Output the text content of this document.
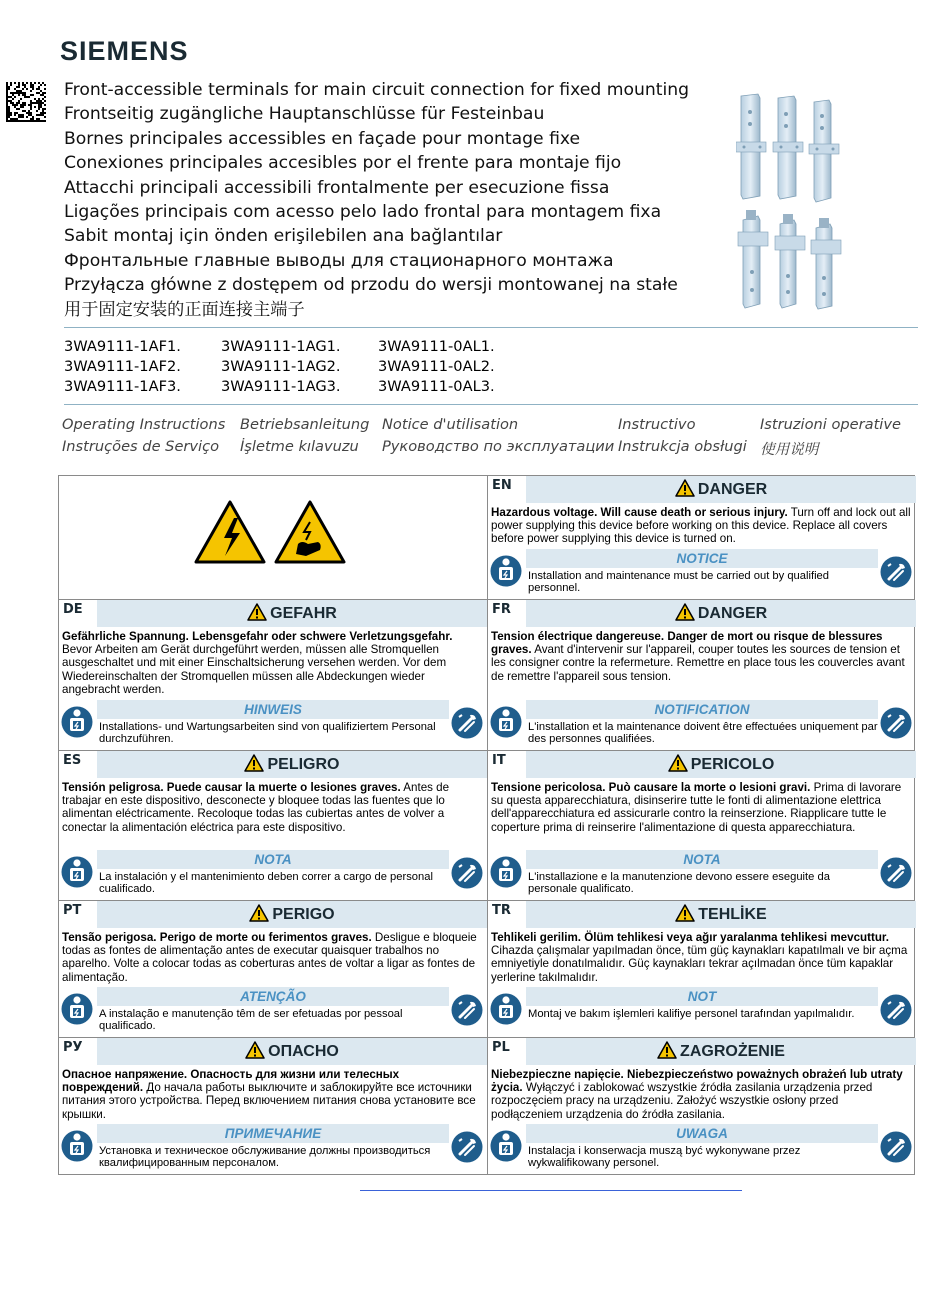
SIEMENS
Front-accessible terminals for main circuit connection for fixed mounting
Frontseitig zugängliche Hauptanschlüsse für Festeinbau
Bornes principales accessibles en façade pour montage fixe
Conexiones principales accesibles por el frente para montaje fijo
Attacchi principali accessibili frontalmente per esecuzione fissa
Ligações principais com acesso pelo lado frontal para montagem fixa
Sabit montaj için önden erişilebilen ana bağlantılar
Фронтальные главные выводы для стационарного монтажа
Przyłącza główne z dostępem od przodu do wersji montowanej na stałe
用于固定安装的正面连接主端子
3WA9111-1AF1.	3WA9111-1AG1.	3WA9111-0AL1.
3WA9111-1AF2.	3WA9111-1AG2.	3WA9111-0AL2.
3WA9111-1AF3.	3WA9111-1AG3.	3WA9111-0AL3.
Operating Instructions Betriebsanleitung Notice d'utilisation	Instructivo	Istruzioni operative
Instruções de Serviço İşletme kılavuzu Руководство по эксплуатации Instrukcja obsługi 使用说明
EN	DANGER
Hazardous voltage. Will cause death or serious injury. Turn off and lock out all power supplying this device before working on this device. Replace all covers before power supplying this device is turned on.
NOTICE
Installation and maintenance must be carried out by qualified personnel.
DE	GEFAHR
Gefährliche Spannung. Lebensgefahr oder schwere Verletzungsgefahr. Bevor Arbeiten am Gerät durchgeführt werden, müssen alle Stromquellen ausgeschaltet und mit einer Einschaltsicherung versehen werden. Vor dem Wiedereinschalten der Stromquellen müssen alle Abdeckungen wieder angebracht werden.
HINWEIS
Installations- und Wartungsarbeiten sind von qualifiziertem Personal durchzuführen.
FR	DANGER
Tension électrique dangereuse. Danger de mort ou risque de blessures graves. Avant d'intervenir sur l'appareil, couper toutes les sources de tension et les consigner contre la refermeture. Remettre en place tous les couvercles avant de remettre l'appareil sous tension.
NOTIFICATION
L'installation et la maintenance doivent être effectuées uniquement par des personnes qualifiées.
ES	PELIGRO
Tensión peligrosa. Puede causar la muerte o lesiones graves. Antes de trabajar en este dispositivo, desconecte y bloquee todas las fuentes que lo alimentan eléctricamente. Recoloque todas las cubiertas antes de volver a conectar la alimentación eléctrica para este dispositivo.
NOTA
La instalación y el mantenimiento deben correr a cargo de personal cualificado.
IT	PERICOLO
Tensione pericolosa. Può causare la morte o lesioni gravi. Prima di lavorare su questa apparecchiatura, disinserire tutte le fonti di alimentazione elettrica dell'apparecchiatura ed assicurarle contro la reinserzione. Riapplicare tutte le coperture prima di reinserire l'alimentazione di questa apparecchiatura.
NOTA
L'installazione e la manutenzione devono essere eseguite da personale qualificato.
PT	PERIGO
Tensão perigosa. Perigo de morte ou ferimentos graves. Desligue e bloqueie todas as fontes de alimentação antes de executar quaisquer trabalhos no aparelho. Volte a colocar todas as coberturas antes de voltar a ligar as fontes de alimentação.
ATENÇÃO
A instalação e manutenção têm de ser efetuadas por pessoal qualificado.
TR	TEHLİKE
Tehlikeli gerilim. Ölüm tehlikesi veya ağır yaralanma tehlikesi mevcuttur. Cihazda çalışmalar yapılmadan önce, tüm güç kaynakları kapatılmalı ve bir açma emniyetiyle donatılmalıdır. Güç kaynakları tekrar açılmadan önce tüm kapaklar yerlerine takılmalıdır.
NOT
Montaj ve bakım işlemleri kalifiye personel tarafından yapılmalıdır.
РУ	ОПАСНО
Опасное напряжение. Опасность для жизни или телесных повреждений. До начала работы выключите и заблокируйте все источники питания этого устройства. Перед включением питания снова установите все крышки.
ПРИМЕЧАНИЕ
Установка и техническое обслуживание должны производиться квалифицированным персоналом.
PL	ZAGROŻENIE
Niebezpieczne napięcie. Niebezpieczeństwo poważnych obrażeń lub utraty życia. Wyłączyć i zablokować wszystkie źródła zasilania urządzenia przed rozpoczęciem pracy na urządzeniu. Założyć wszystkie osłony przed podłączeniem urządzenia do źródła zasilania.
UWAGA
Instalacja i konserwacja muszą być wykonywane przez wykwalifikowany personel.
